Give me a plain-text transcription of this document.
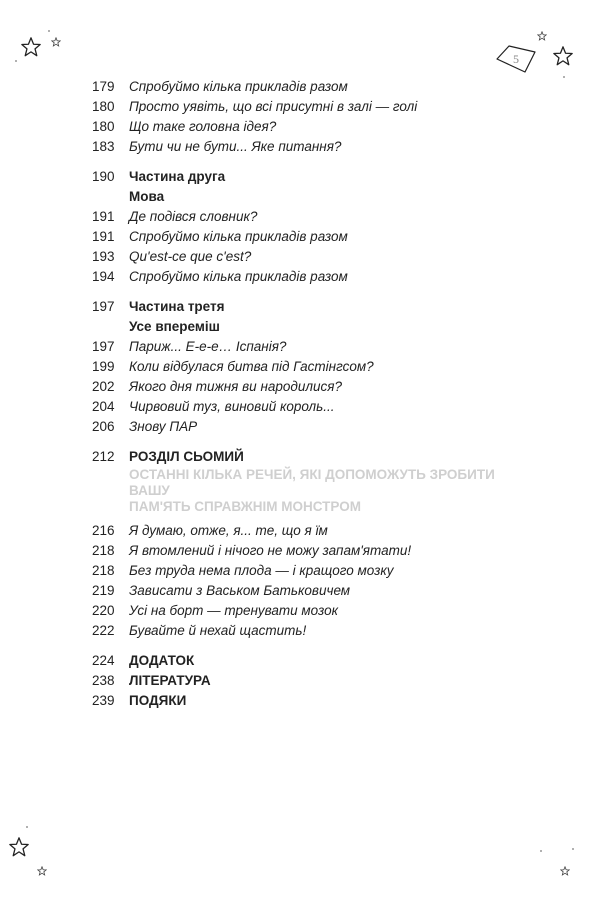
5
179	Спробуймо кілька прикладів разом
180	Просто уявіть, що всі присутні в залі — голі
180	Що таке головна ідея?
183	Бути чи не бути... Яке питання?
190	Частина друга
Мова
191	Де подівся словник?
191	Спробуймо кілька прикладів разом
193	Qu'est-ce que c'est?
194	Спробуймо кілька прикладів разом
197	Частина третя
Усе впереміш
197	Париж... Е-е-е… Іспанія?
199	Коли відбулася битва під Гастінгсом?
202	Якого дня тижня ви народилися?
204	Чирвовий туз, виновий король...
206	Знову ПАР
212	РОЗДІЛ СЬОМИЙ
ОСТАННІ КІЛЬКА РЕЧЕЙ, ЯКІ ДОПОМОЖУТЬ ЗРОБИТИ ВАШУ
ПАМ'ЯТЬ СПРАВЖНІМ МОНСТРОМ
216	Я думаю, отже, я... те, що я їм
218	Я втомлений і нічого не можу запам'ятати!
218	Без труда нема плода — і кращого мозку
219	Зависати з Васьком Батьковичем
220	Усі на борт — тренувати мозок
222	Бувайте й нехай щастить!
224	ДОДАТОК
238	ЛІТЕРАТУРА
239	ПОДЯКИ
